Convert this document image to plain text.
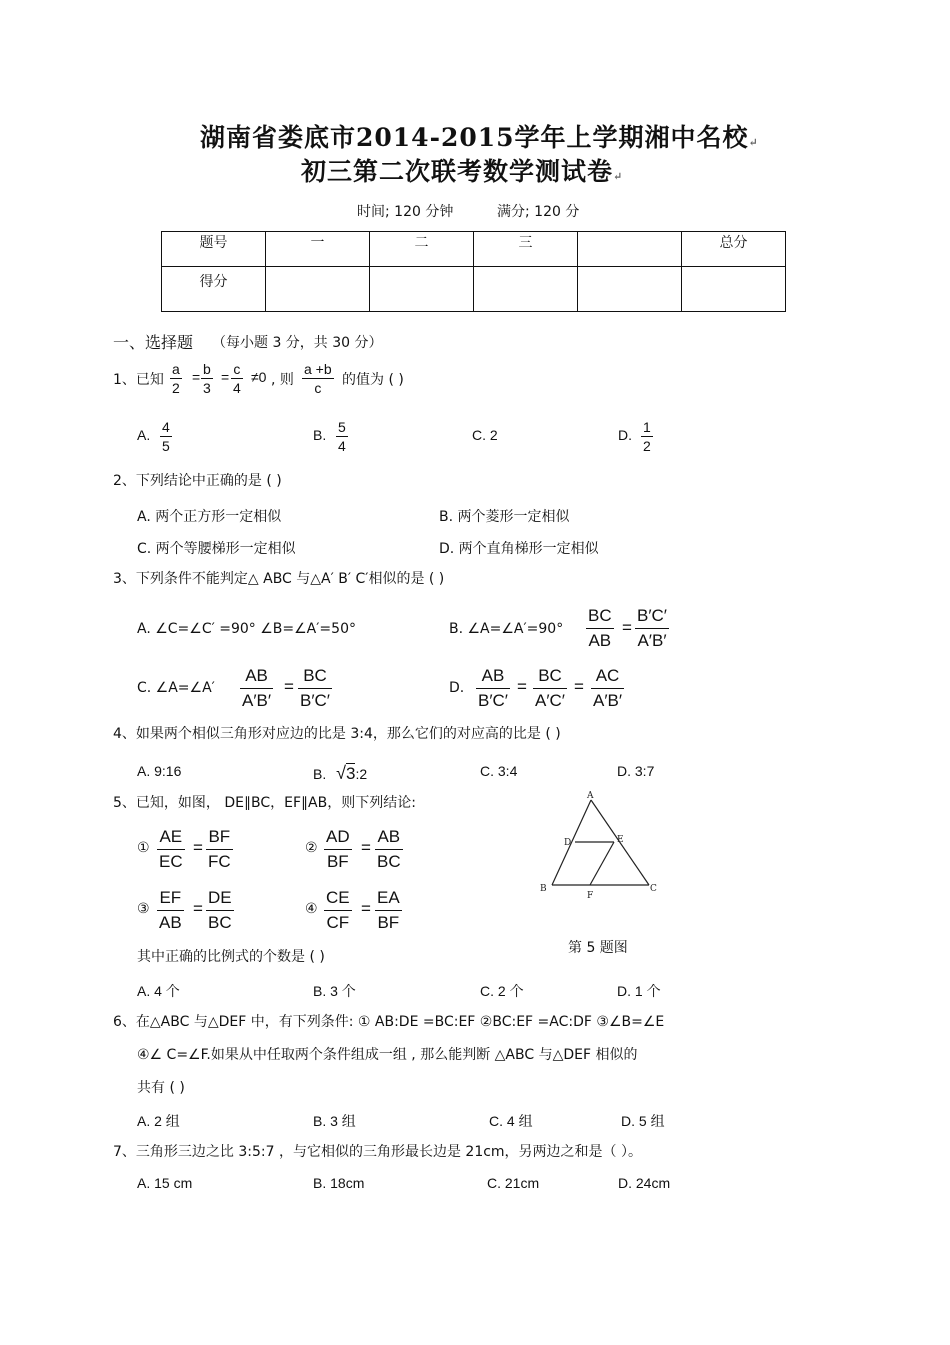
湖南省娄底市2014-2015学年上学期湘中名校↵
初三第二次联考数学测试卷↵
时间; 120 分钟	满分; 120 分
题号	一	二	三		总分
得分					
一、选择题 （每小题 3 分，共 30 分）
1、已知 $\frac{a}{2} = \frac{b}{3} = \frac{c}{4} \ne 0$ , 则 $\frac{a +b}{c}$ 的值为 ( )
A. $\frac{4}{5}$	B. $\frac{5}{4}$	C. 2	D. $\frac{1}{2}$
2、下列结论中正确的是 ( )
A. 两个正方形一定相似	B. 两个菱形一定相似
C. 两个等腰梯形一定相似	D. 两个直角梯形一定相似
3、下列条件不能判定△ ABC 与△A′ B′ C′相似的是 ( )
A. ∠C=∠C′ =90° ∠B=∠A′=50°	B. ∠A=∠A′=90° $\frac{BC}{AB} = \frac{B'C'}{A'B'}$
C. ∠A=∠A′ $\frac{AB}{A'B'} = \frac{BC}{B'C'}$	D. $\frac{AB}{B'C'} = \frac{BC}{A'C'} = \frac{AC}{A'B'}$
4、如果两个相似三角形对应边的比是 3:4，那么它们的对应高的比是 ( )
A. 9:16	B. √3:2	C. 3:4	D. 3:7
5、已知，如图， DE∥BC，EF∥AB，则下列结论:
① $\frac{AE}{EC} = \frac{BF}{FC}$	② $\frac{AD}{BF} = \frac{AB}{BC}$
③ $\frac{EF}{AB} = \frac{DE}{BC}$	④ $\frac{CE}{CF} = \frac{EA}{BF}$
A
B	C
D	E
F
第 5 题图
其中正确的比例式的个数是 ( )
A. 4 个	B. 3 个	C. 2 个	D. 1 个
6、在△ABC 与△DEF 中，有下列条件: ① AB:DE =BC:EF ②BC:EF =AC:DF ③∠B=∠E
④∠ C=∠F.如果从中任取两个条件组成一组 , 那么能判断 △ABC 与△DEF 相似的
共有 ( )
A. 2 组	B. 3 组	C. 4 组	D. 5 组
7、三角形三边之比 3:5:7 ，与它相似的三角形最长边是 21cm，另两边之和是（ ）。
A. 15 cm	B. 18cm	C. 21cm	D. 24cm
